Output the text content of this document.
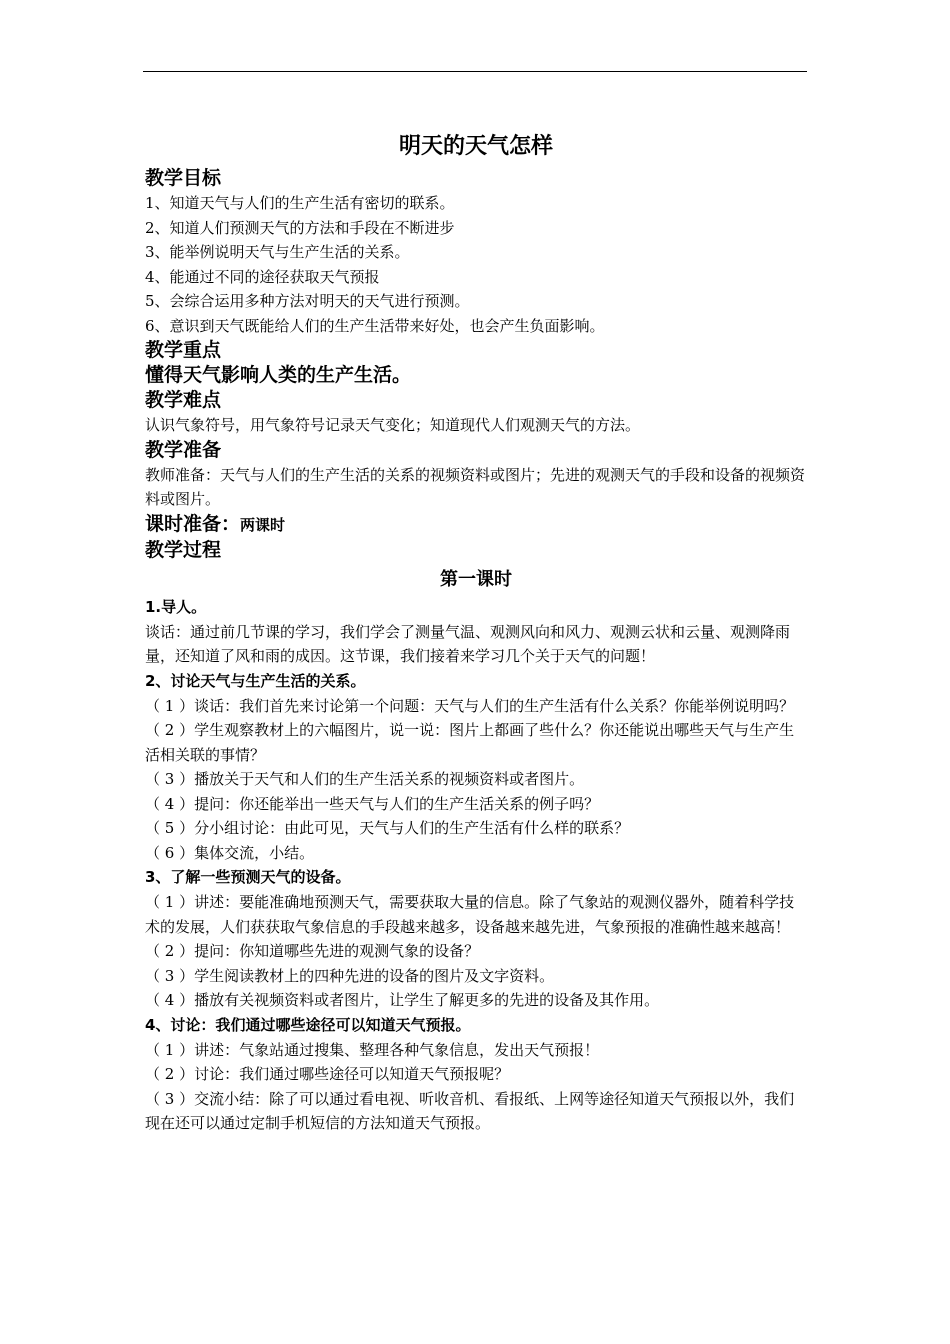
明天的天气怎样
教学目标
1、知道天气与人们的生产生活有密切的联系。
2、知道人们预测天气的方法和手段在不断进步
3、能举例说明天气与生产生活的关系。
4、能通过不同的途径获取天气预报
5、会综合运用多种方法对明天的天气进行预测。
6、意识到天气既能给人们的生产生活带来好处，也会产生负面影响。
教学重点
懂得天气影响人类的生产生活。
教学难点
认识气象符号，用气象符号记录天气变化；知道现代人们观测天气的方法。
教学准备
教师准备：天气与人们的生产生活的关系的视频资料或图片；先进的观测天气的手段和设备的视频资料或图片。
课时准备：两课时
教学过程
第一课时
1.导人。
谈话：通过前几节课的学习，我们学会了测量气温、观测风向和风力、观测云状和云量、观测降雨量，还知道了风和雨的成因。这节课，我们接着来学习几个关于天气的问题！
2、讨论天气与生产生活的关系。
（ 1 ）谈话：我们首先来讨论第一个问题：天气与人们的生产生活有什么关系？你能举例说明吗？
（ 2 ）学生观察教材上的六幅图片，说一说：图片上都画了些什么？你还能说出哪些天气与生产生活相关联的事情？
（ 3 ）播放关于天气和人们的生产生活关系的视频资料或者图片。
（ 4 ）提问：你还能举出一些天气与人们的生产生活关系的例子吗？
（ 5 ）分小组讨论：由此可见，天气与人们的生产生活有什么样的联系？
（ 6 ）集体交流，小结。
3、了解一些预测天气的设备。
（ 1 ）讲述：要能准确地预测天气，需要获取大量的信息。除了气象站的观测仪器外，随着科学技术的发展，人们获获取气象信息的手段越来越多，设备越来越先进，气象预报的准确性越来越高！
（ 2 ）提问：你知道哪些先进的观测气象的设备？
（ 3 ）学生阅读教材上的四种先进的设备的图片及文字资料。
（ 4 ）播放有关视频资料或者图片，让学生了解更多的先进的设备及其作用。
4、讨论：我们通过哪些途径可以知道天气预报。
（ 1 ）讲述：气象站通过搜集、整理各种气象信息，发出天气预报！
（ 2 ）讨论：我们通过哪些途径可以知道天气预报呢？
（ 3 ）交流小结：除了可以通过看电视、听收音机、看报纸、上网等途径知道天气预报以外，我们现在还可以通过定制手机短信的方法知道天气预报。
